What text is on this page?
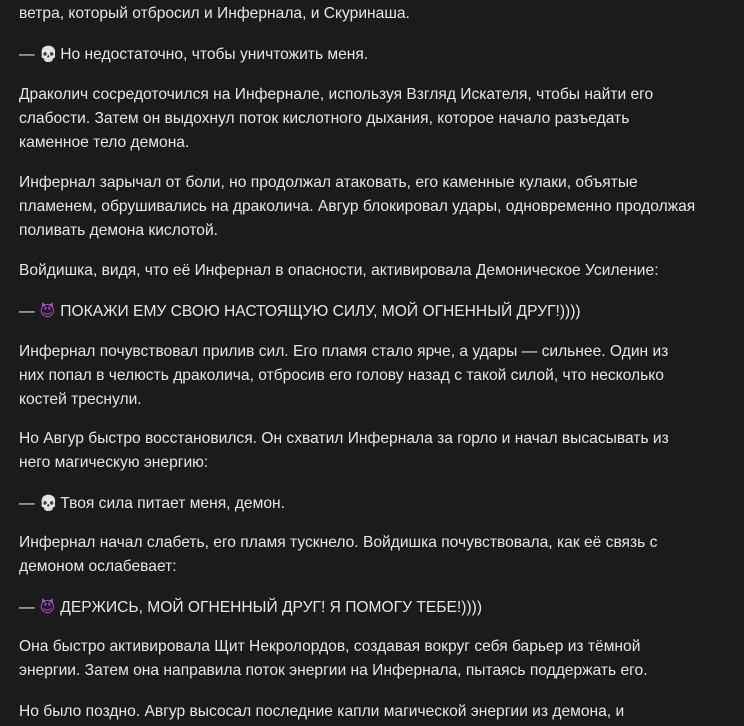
ветра, который отбросил и Инфернала, и Скуринаша.

— 💀 Но недостаточно, чтобы уничтожить меня.

Драколич сосредоточился на Инфернале, используя Взгляд Искателя, чтобы найти его
слабости. Затем он выдохнул поток кислотного дыхания, которое начало разъедать
каменное тело демона.

Инфернал зарычал от боли, но продолжал атаковать, его каменные кулаки, объятые
пламенем, обрушивались на драколича. Авгур блокировал удары, одновременно продолжая
поливать демона кислотой.

Войдишка, видя, что её Инфернал в опасности, активировала Демоническое Усиление:

— 😈 ПОКАЖИ ЕМУ СВОЮ НАСТОЯЩУЮ СИЛУ, МОЙ ОГНЕННЫЙ ДРУГ!))))

Инфернал почувствовал прилив сил. Его пламя стало ярче, а удары — сильнее. Один из
них попал в челюсть драколича, отбросив его голову назад с такой силой, что несколько
костей треснули.

Но Авгур быстро восстановился. Он схватил Инфернала за горло и начал высасывать из
него магическую энергию:

— 💀 Твоя сила питает меня, демон.

Инфернал начал слабеть, его пламя тускнело. Войдишка почувствовала, как её связь с
демоном ослабевает:

— 😈 ДЕРЖИСЬ, МОЙ ОГНЕННЫЙ ДРУГ! Я ПОМОГУ ТЕБЕ!))))

Она быстро активировала Щит Некролордов, создавая вокруг себя барьер из тёмной
энергии. Затем она направила поток энергии на Инфернала, пытаясь поддержать его.

Но было поздно. Авгур высосал последние капли магической энергии из демона, и
